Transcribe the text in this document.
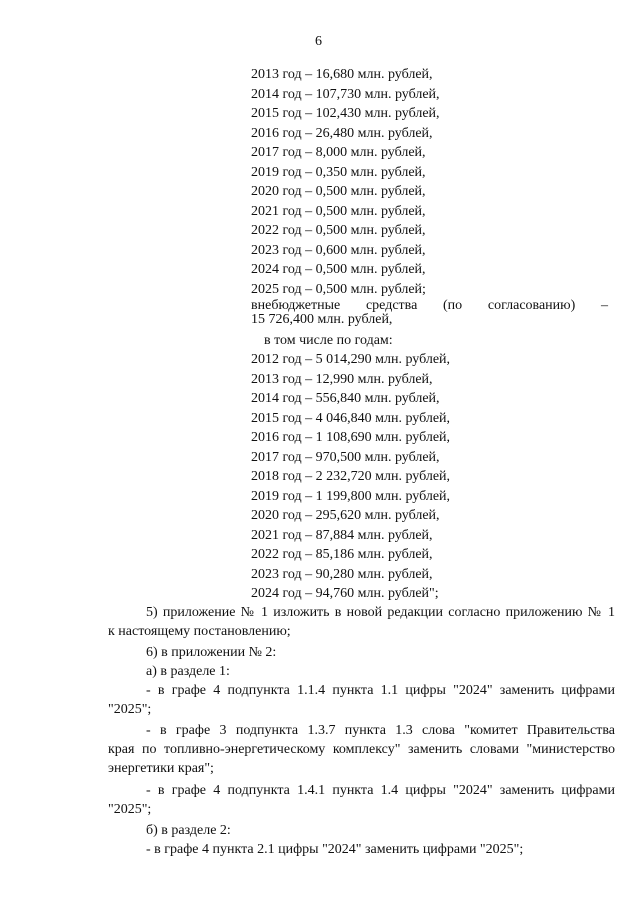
6
2013 год – 16,680 млн. рублей,
2014 год – 107,730 млн. рублей,
2015 год – 102,430 млн. рублей,
2016 год – 26,480 млн. рублей,
2017 год – 8,000 млн. рублей,
2019 год – 0,350 млн. рублей,
2020 год – 0,500 млн. рублей,
2021 год – 0,500 млн. рублей,
2022 год – 0,500 млн. рублей,
2023 год – 0,600 млн. рублей,
2024 год – 0,500 млн. рублей,
2025 год – 0,500 млн. рублей;
внебюджетные средства (по согласованию) –
15 726,400 млн. рублей,
в том числе по годам:
2012 год – 5 014,290 млн. рублей,
2013 год – 12,990 млн. рублей,
2014 год – 556,840 млн. рублей,
2015 год – 4 046,840 млн. рублей,
2016 год – 1 108,690 млн. рублей,
2017 год – 970,500 млн. рублей,
2018 год – 2 232,720 млн. рублей,
2019 год – 1 199,800 млн. рублей,
2020 год – 295,620 млн. рублей,
2021 год – 87,884 млн. рублей,
2022 год – 85,186 млн. рублей,
2023 год – 90,280 млн. рублей,
2024 год – 94,760 млн. рублей";
5) приложение № 1 изложить в новой редакции согласно приложению № 1
к настоящему постановлению;
6) в приложении № 2:
а) в разделе 1:
- в графе 4 подпункта 1.1.4 пункта 1.1 цифры "2024" заменить цифрами
"2025";
- в графе 3 подпункта 1.3.7 пункта 1.3 слова "комитет Правительства
края по топливно-энергетическому комплексу" заменить словами "министерство
энергетики края";
- в графе 4 подпункта 1.4.1 пункта 1.4 цифры "2024" заменить цифрами
"2025";
б) в разделе 2:
- в графе 4 пункта 2.1 цифры "2024" заменить цифрами "2025";
